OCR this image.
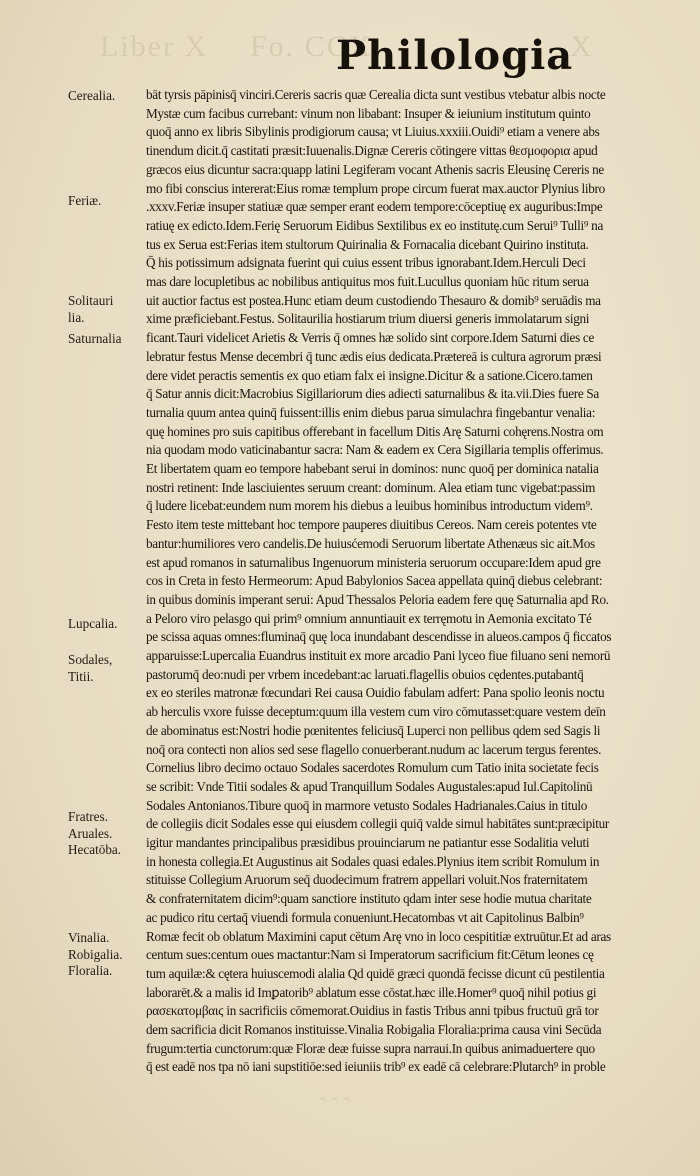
Liber X Fo. CCX	X
Philologia
Cerealia.
Feriæ.
Solitauri
lia.
Saturnalia
Lupcalia.
Sodales,
Titii.
Fratres.
Aruales.
Hecatōba.
Vinalia.
Robigalia.
Floralia.
bāt tyrsis pāpinisq̄ vinciri.Cereris sacris quæ Cerealia dicta sunt vestibus vtebatur albis nocte
Mystæ cum facibus currebant: vinum non libabant: Insuper & ieiunium institutum quinto
quoq̄ anno ex libris Sibylinis prodigiorum causa; vt Liuius.xxxiii.Ouidi⁹ etiam a venere abs
tinendum dicit.q̄ castitati præsit:Iuuenalis.Dignæ Cereris cōtingere vittas θεσμοφορια apud
græcos eius dicuntur sacra:quapp latini Legiferam vocant Athenis sacris Eleusinę Cereris ne
mo fibi conscius intererat:Eius romæ templum prope circum fuerat max.auctor Plynius libro
.xxxv.Feriæ insuper statiuæ quæ semper erant eodem tempore:cōceptiuę ex auguribus:Impe
ratiuę ex edicto.Idem.Ferię Seruorum Eidibus Sextilibus ex eo institutę.cum Serui⁹ Tulli⁹ na
tus ex Serua est:Ferias item stultorum Quirinalia & Fornacalia dicebant Quirino instituta.
Q̄ his potissimum adsignata fuerint qui cuius essent tribus ignorabant.Idem.Herculi Deci
mas dare locupletibus ac nobilibus antiquitus mos fuit.Lucullus quoniam hūc ritum serua
uit auctior factus est postea.Hunc etiam deum custodiendo Thesauro & domib⁹ seruādis ma
xime præficiebant.Festus. Solitaurilia hostiarum trium diuersi generis immolatarum signi
ficant.Tauri videlicet Arietis & Verris q̄ omnes hæ solido sint corpore.Idem Saturni dies ce
lebratur festus Mense decembri q̄ tunc ædis eius dedicata.Prætereā is cultura agrorum præsi
dere videt peractis sementis ex quo etiam falx ei insigne.Dicitur & a satione.Cicero.tamen
q̄ Satur annis dicit:Macrobius Sigillariorum dies adiecti saturnalibus & ita.vii.Dies fuere Sa
turnalia quum antea quinq̄ fuissent:illis enim diebus parua simulachra fingebantur venalia:
quę homines pro suis capitibus offerebant in facellum Ditis Arę Saturni cohęrens.Nostra om
nia quodam modo vaticinabantur sacra: Nam & eadem ex Cera Sigillaria templis offerimus.
Et libertatem quam eo tempore habebant serui in dominos: nunc quoq̄ per dominica natalia
nostri retinent: Inde lasciuientes seruum creant: dominum. Alea etiam tunc vigebat:passim
q̄ ludere licebat:eundem num morem his diebus a leuibus hominibus introductum videm⁹.
Festo item teste mittebant hoc tempore pauperes diuitibus Cereos. Nam cereis potentes vte
bantur:humiliores vero candelis.De huiusćemodi Seruorum libertate Athenæus sic ait.Mos
est apud romanos in saturnalibus Ingenuorum ministeria seruorum occupare:Idem apud gre
cos in Creta in festo Hermeorum: Apud Babylonios Sacea appellata quinq̄ diebus celebrant:
in quibus dominis imperant serui: Apud Thessalos Peloria eadem fere quę Saturnalia apd Ro.
a Peloro viro pelasgo qui prim⁹ omnium annuntiauit ex terręmotu in Aemonia excitato Té
pe scissa aquas omnes:fluminaq̄ quę loca inundabant descendisse in alueos.campos q̄ ficcatos
apparuisse:Lupercalia Euandrus instituit ex more arcadio Pani lyceo fiue filuano seni nemorū
pastorumq̄ deo:nudi per vrbem incedebant:ac laruati.flagellis obuios cędentes.putabantq̄
ex eo steriles matronæ fœcundari Rei causa Ouidio fabulam adfert: Pana spolio leonis noctu
ab herculis vxore fuisse deceptum:quum illa vestem cum viro cōmutasset:quare vestem deīn
de abominatus est:Nostri hodie pœnitentes feliciusq̄ Luperci non pellibus qdem sed Sagis li
noq̄ ora contecti non alios sed sese flagello conuerberant.nudum ac lacerum tergus ferentes.
Cornelius libro decimo octauo Sodales sacerdotes Romulum cum Tatio inita societate fecis
se scribit: Vnde Titii sodales & apud Tranquillum Sodales Augustales:apud Iul.Capitolinū
Sodales Antonianos.Tibure quoq̄ in marmore vetusto Sodales Hadrianales.Caius in titulo
de collegiis dicit Sodales esse qui eiusdem collegii quiq̄ valde simul habitātes sunt:præcipitur
igitur mandantes principalibus præsidibus prouinciarum ne patiantur esse Sodalitia veluti
in honesta collegia.Et Augustinus ait Sodales quasi edales.Plynius item scribit Romulum in
stituisse Collegium Aruorum seq̄ duodecimum fratrem appellari voluit.Nos fraternitatem
& confraternitatem dicim⁹:quam sanctiore instituto qdam inter sese hodie mutua charitate
ac pudico ritu certaq̄ viuendi formula conueniunt.Hecatombas vt ait Capitolinus Balbin⁹
Romæ fecit ob oblatum Maximini caput cētum Arę vno in loco cespititiæ extruūtur.Et ad aras
centum sues:centum oues mactantur:Nam si Imperatorum sacrificium fit:Cētum leones cę
tum aquilæ:& cętera huiuscemodi alalia Qd quidē græci quondā fecisse dicunt cū pestilentia
laborarēt.& a malis id Imꝑatorib⁹ ablatum esse cōstat.hæc ille.Homer⁹ quoq̄ nihil potius gi
ρασεκατομβαιϛ in sacrificiis cōmemorat.Ouidius in fastis Tribus anni tpibus fructuū grā tor
dem sacrificia dicit Romanos instituisse.Vinalia Robigalia Floralia:prima causa vini Secūda
frugum:tertia cunctorum:quæ Floræ deæ fuisse supra narraui.In quibus animaduertere quo
q̄ est eadē nos tpa nō iani supstitiōe:sed ieiuniis trib⁹ ex eadē cā celebrare:Plutarch⁹ in proble
~ ~ ~
